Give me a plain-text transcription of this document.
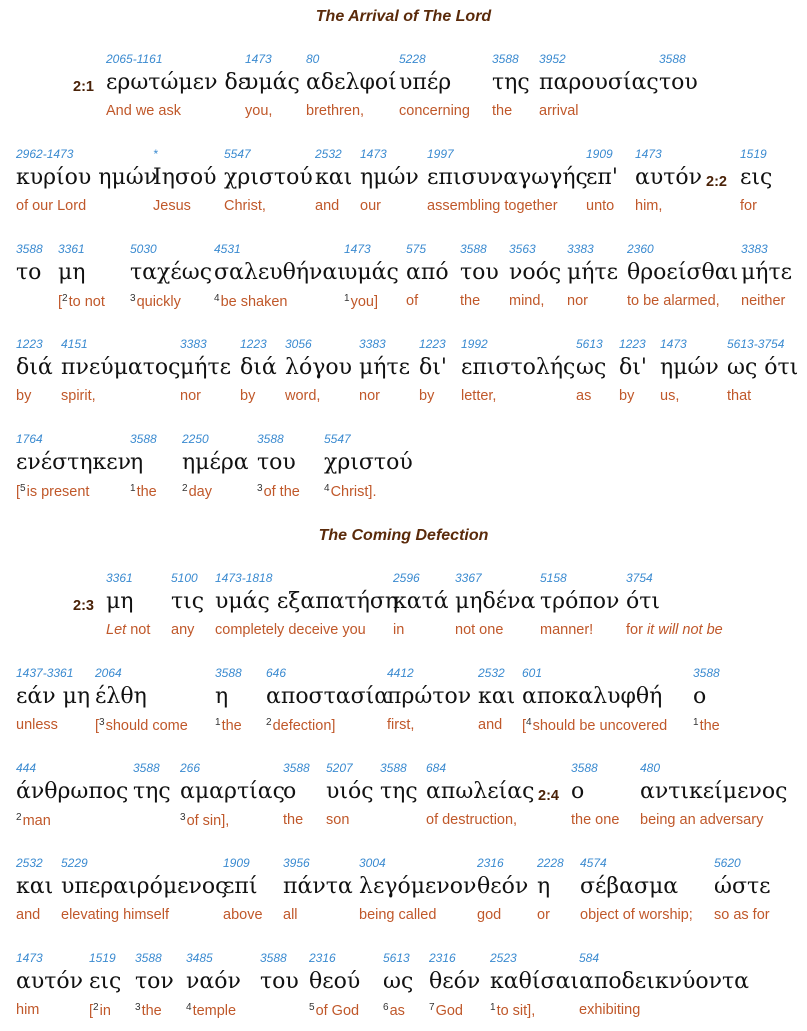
The Arrival of The Lord
The Coming Defection
2:1
2065-1161
ερωτώμεν δε
And we ask
1473
υμάς
you,
80
αδελφοί
brethren,
5228
υπέρ
concerning
3588
της
the
3952
παρουσίας
arrival
3588
του
2:2
2962-1473
κυρίου ημών
of our Lord
*
Ιησού
Jesus
5547
χριστού
Christ,
2532
και
and
1473
ημών
our
1997
επισυναγωγής
assembling together
1909
επ'
unto
1473
αυτόν
him,
1519
εις
for
3588
το
3361
μη
[$^2$to not
5030
ταχέως
$^3$quickly
4531
σαλευθήναι
$^4$be shaken
1473
υμάς
$^1$you]
575
από
of
3588
του
the
3563
νοός
mind,
3383
μήτε
nor
2360
θροείσθαι
to be alarmed,
3383
μήτε
neither
1223
διά
by
4151
πνεύματος
spirit,
3383
μήτε
nor
1223
διά
by
3056
λόγου
word,
3383
μήτε
nor
1223
δι'
by
1992
επιστολής
letter,
5613
ως
as
1223
δι'
by
1473
ημών
us,
5613-3754
ως ότι
that
1764
ενέστηκεν
[$^5$is present
3588
η
$^1$the
2250
ημέρα
$^2$day
3588
του
$^3$of the
5547
χριστού
$^4$Christ].
2:3
3361
μη
Let not
5100
τις
any
1473-1818
υμάς εξαπατήση
completely deceive you
2596
κατά
in
3367
μηδένα
not one
5158
τρόπον
manner!
3754
ότι
for it will not be
1437-3361
εάν μη
unless
2064
έλθη
[$^3$should come
3588
η
$^1$the
646
αποστασία
$^2$defection]
4412
πρώτον
first,
2532
και
and
601
αποκαλυφθή
[$^4$should be uncovered
3588
ο
$^1$the
2:4
444
άνθρωπος
$^2$man
3588
της
266
αμαρτίας
$^3$of sin],
3588
ο
the
5207
υιός
son
3588
της
684
απωλείας
of destruction,
3588
ο
the one
480
αντικείμενος
being an adversary
2532
και
and
5229
υπεραιρόμενος
elevating himself
1909
επί
above
3956
πάντα
all
3004
λεγόμενον
being called
2316
θεόν
god
2228
η
or
4574
σέβασμα
object of worship;
5620
ώστε
so as for
1473
αυτόν
him
1519
εις
[$^2$in
3588
τον
$^3$the
3485
ναόν
$^4$temple
3588
του
2316
θεού
$^5$of God
5613
ως
$^6$as
2316
θεόν
$^7$God
2523
καθίσαι
$^1$to sit],
584
αποδεικνύοντα
exhibiting
